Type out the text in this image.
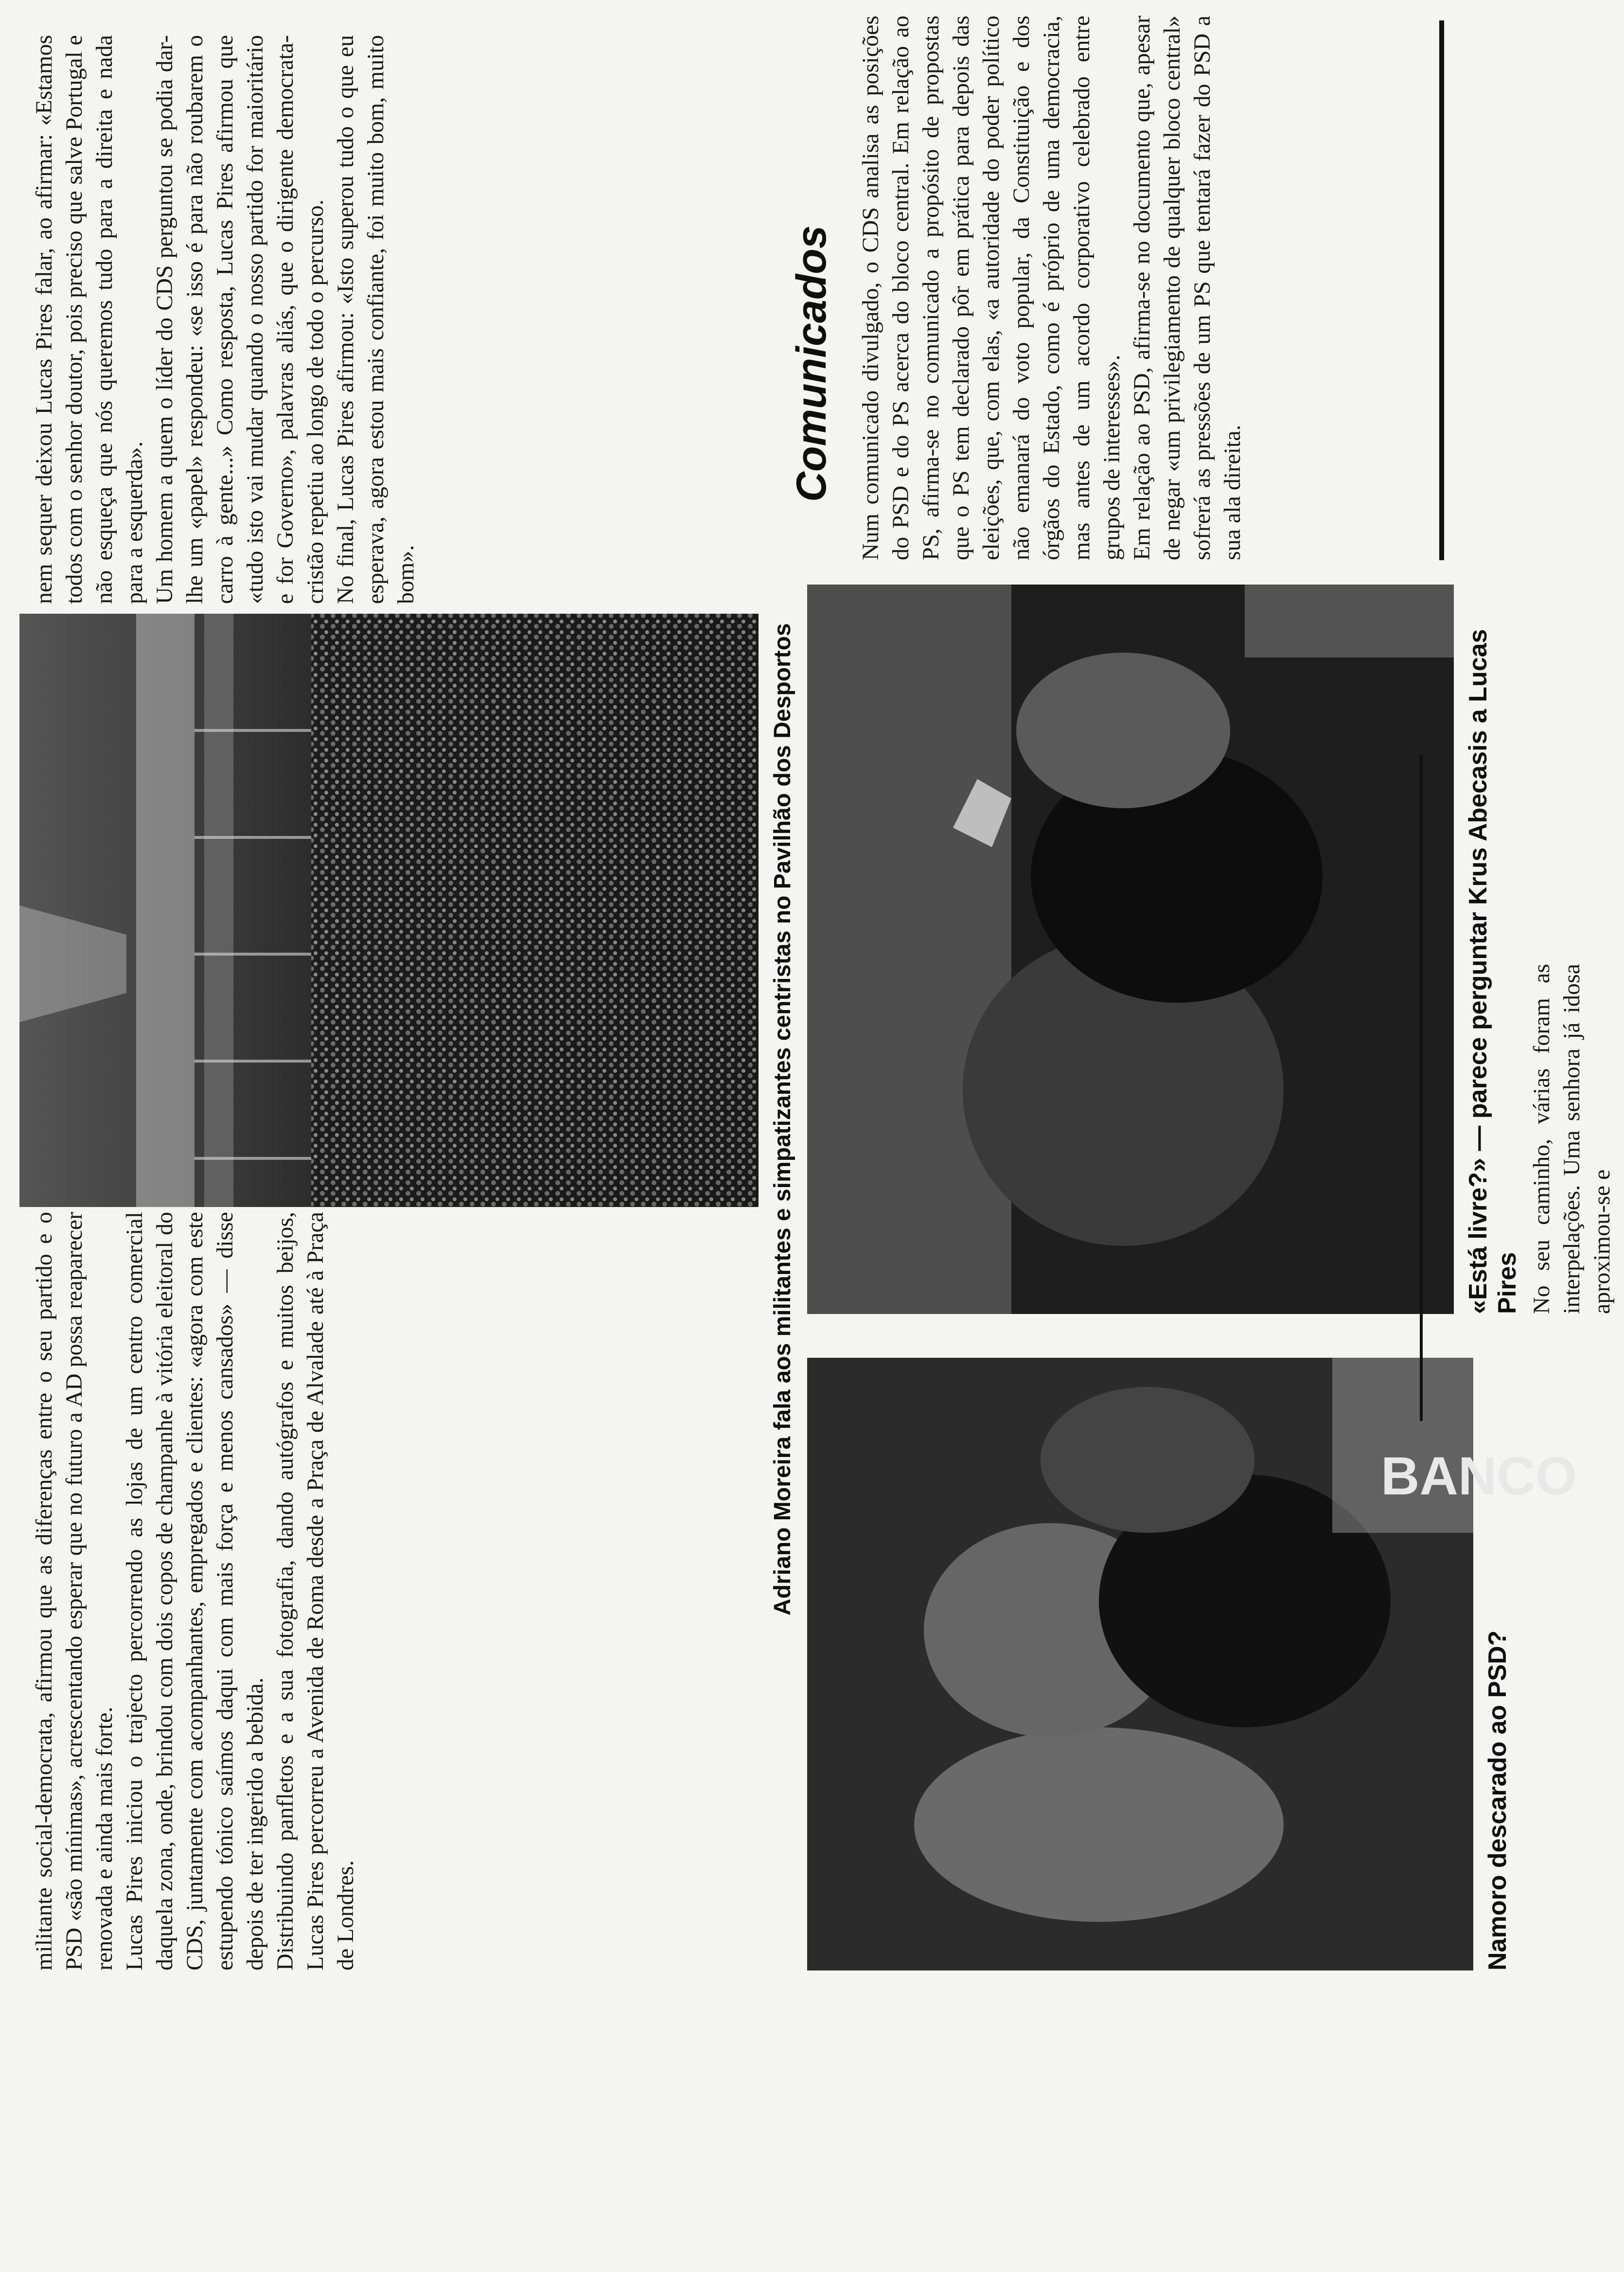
militante social-democrata, afirmou que as diferenças entre o seu partido e o PSD «são mínimas», acrescentando esperar que no futuro a AD possa reaparecer renovada e ainda mais forte.
Lucas Pires iniciou o trajecto percorrendo as lojas de um centro comercial daquela zona, onde, brindou com dois copos de champanhe à vitória eleitoral do CDS, juntamente com acompanhantes, empregados e clientes: «agora com este estupendo tónico saímos daqui com mais força e menos cansados» — disse depois de ter ingerido a bebida.
Distribuindo panfletos e a sua fotografia, dando autógrafos e muitos beijos, Lucas Pires percorreu a Avenida de Roma desde a Praça de Alvalade até à Praça de Londres.
Adriano Moreira fala aos militantes e simpatizantes centristas no Pavilhão dos Desportos
nem sequer deixou Lucas Pires falar, ao afirmar: «Estamos todos com o senhor doutor, pois preciso que salve Portugal e não esqueça que nós queremos tudo para a direita e nada para a esquerda».
Um homem a quem o líder do CDS perguntou se podia dar-lhe um «papel» respondeu: «se isso é para não roubarem o carro à gente...» Como resposta, Lucas Pires afirmou que «tudo isto vai mudar quando o nosso partido for maioritário e for Governo», palavras aliás, que o dirigente democrata-cristão repetiu ao longo de todo o percurso.
No final, Lucas Pires afirmou: «Isto superou tudo o que eu esperava, agora estou mais confiante, foi muito bom, muito bom».
BANCO
Namoro descarado ao PSD?
«Está livre?» — parece perguntar Krus Abecasis a Lucas Pires No seu caminho, várias foram as interpelações. Uma senhora já idosa aproximou-se e
Comunicados
Num comunicado divulgado, o CDS analisa as posições do PSD e do PS acerca do bloco central. Em relação ao PS, afirma-se no comunicado a propósito de propostas que o PS tem declarado pôr em prática para depois das eleições, que, com elas, «a autoridade do poder político não emanará do voto popular, da Constituição e dos órgãos do Estado, como é próprio de uma democracia, mas antes de um acordo corporativo celebrado entre grupos de interesses».
Em relação ao PSD, afirma-se no documento que, apesar de negar «um privilegiamento de qualquer bloco central» sofrerá as pressões de um PS que tentará fazer do PSD a sua ala direita.
